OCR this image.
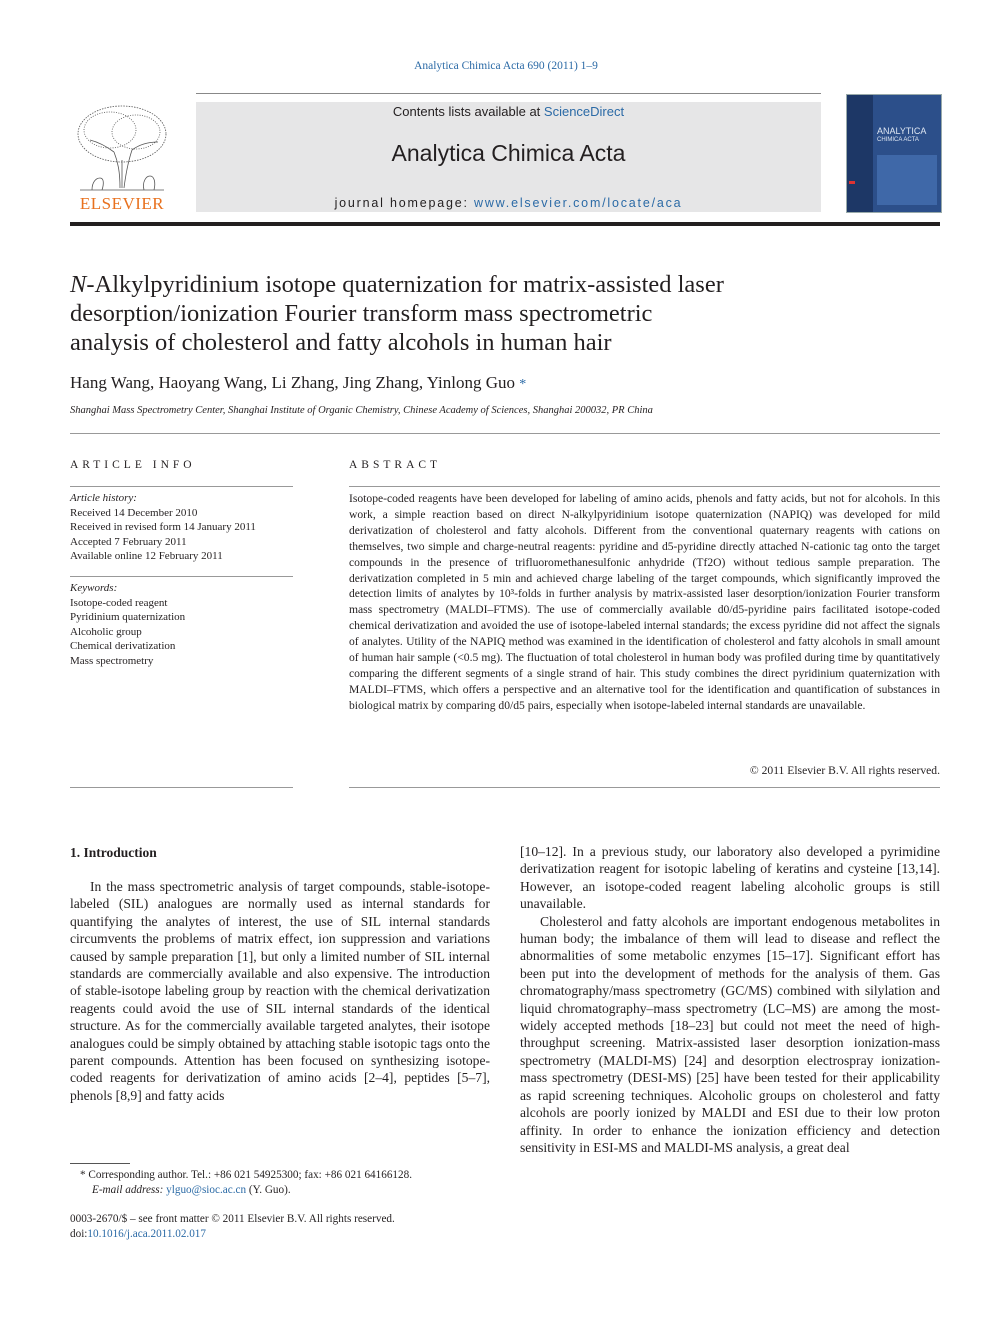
Analytica Chimica Acta 690 (2011) 1–9
ELSEVIER
Contents lists available at ScienceDirect
Analytica Chimica Acta
journal homepage: www.elsevier.com/locate/aca
ANALYTICA
CHIMICA ACTA
N-Alkylpyridinium isotope quaternization for matrix-assisted laser
desorption/ionization Fourier transform mass spectrometric
analysis of cholesterol and fatty alcohols in human hair
Hang Wang, Haoyang Wang, Li Zhang, Jing Zhang, Yinlong Guo *
Shanghai Mass Spectrometry Center, Shanghai Institute of Organic Chemistry, Chinese Academy of Sciences, Shanghai 200032, PR China
ARTICLE INFO
Article history:
Received 14 December 2010
Received in revised form 14 January 2011
Accepted 7 February 2011
Available online 12 February 2011
Keywords:
Isotope-coded reagent
Pyridinium quaternization
Alcoholic group
Chemical derivatization
Mass spectrometry
ABSTRACT
Isotope-coded reagents have been developed for labeling of amino acids, phenols and fatty acids, but not for alcohols. In this work, a simple reaction based on direct N-alkylpyridinium isotope quaternization (NAPIQ) was developed for mild derivatization of cholesterol and fatty alcohols. Different from the conventional quaternary reagents with cations on themselves, two simple and charge-neutral reagents: pyridine and d5-pyridine directly attached N-cationic tag onto the target compounds in the presence of trifluoromethanesulfonic anhydride (Tf2O) without tedious sample preparation. The derivatization completed in 5 min and achieved charge labeling of the target compounds, which significantly improved the detection limits of analytes by 10³-folds in further analysis by matrix-assisted laser desorption/ionization Fourier transform mass spectrometry (MALDI–FTMS). The use of commercially available d0/d5-pyridine pairs facilitated isotope-coded chemical derivatization and avoided the use of isotope-labeled internal standards; the excess pyridine did not affect the signals of analytes. Utility of the NAPIQ method was examined in the identification of cholesterol and fatty alcohols in small amount of human hair sample (<0.5 mg). The fluctuation of total cholesterol in human body was profiled during time by quantitatively comparing the different segments of a single strand of hair. This study combines the direct pyridinium quaternization with MALDI–FTMS, which offers a perspective and an alternative tool for the identification and quantification of substances in biological matrix by comparing d0/d5 pairs, especially when isotope-labeled internal standards are unavailable.
© 2011 Elsevier B.V. All rights reserved.
1. Introduction

In the mass spectrometric analysis of target compounds, stable-isotope-labeled (SIL) analogues are normally used as internal standards for quantifying the analytes of interest, the use of SIL internal standards circumvents the problems of matrix effect, ion suppression and variations caused by sample preparation [1], but only a limited number of SIL internal standards are commercially available and also expensive. The introduction of stable-isotope labeling group by reaction with the chemical derivatization reagents could avoid the use of SIL internal standards of the identical structure. As for the commercially available targeted analytes, their isotope analogues could be simply obtained by attaching stable isotopic tags onto the parent compounds. Attention has been focused on synthesizing isotope-coded reagents for derivatization of amino acids [2–4], peptides [5–7], phenols [8,9] and fatty acids

[10–12]. In a previous study, our laboratory also developed a pyrimidine derivatization reagent for isotopic labeling of keratins and cysteine [13,14]. However, an isotope-coded reagent labeling alcoholic groups is still unavailable.

Cholesterol and fatty alcohols are important endogenous metabolites in human body; the imbalance of them will lead to disease and reflect the abnormalities of some metabolic enzymes [15–17]. Significant effort has been put into the development of methods for the analysis of them. Gas chromatography/mass spectrometry (GC/MS) combined with silylation and liquid chromatography–mass spectrometry (LC–MS) are among the most-widely accepted methods [18–23] but could not meet the need of high-throughput screening. Matrix-assisted laser desorption ionization-mass spectrometry (MALDI-MS) [24] and desorption electrospray ionization-mass spectrometry (DESI-MS) [25] have been tested for their applicability as rapid screening techniques. Alcoholic groups on cholesterol and fatty alcohols are poorly ionized by MALDI and ESI due to their low proton affinity. In order to enhance the ionization efficiency and detection sensitivity in ESI-MS and MALDI-MS analysis, a great deal

* Corresponding author. Tel.: +86 021 54925300; fax: +86 021 64166128.
E-mail address: ylguo@sioc.ac.cn (Y. Guo).
0003-2670/$ – see front matter © 2011 Elsevier B.V. All rights reserved.
doi:10.1016/j.aca.2011.02.017
